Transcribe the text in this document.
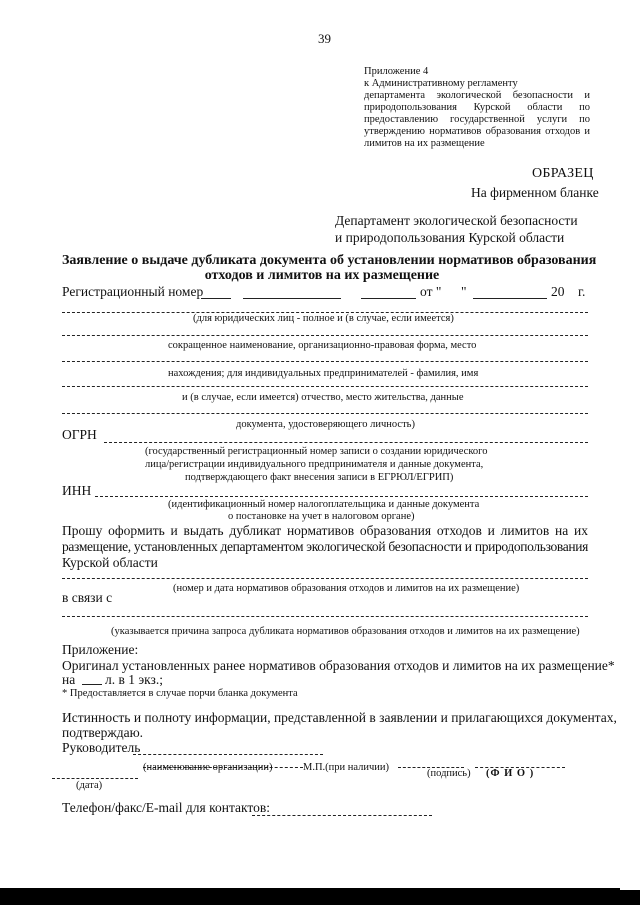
39
Приложение 4
к Административному регламенту
департамента экологической безопасности и
природопользования Курской области по
предоставлению государственной услуги по
утверждению нормативов образования отходов и
лимитов на их размещение
ОБРАЗЕЦ
На фирменном бланке
Департамент экологической безопасности
и природопользования Курской области
Заявление о выдаче дубликата документа об установлении нормативов образования
отходов и лимитов на их размещение
Регистрационный номер	от " "	20 г.
(для юридических лиц - полное и (в случае, если имеется)
сокращенное наименование, организационно-правовая форма, место
нахождения; для индивидуальных предпринимателей - фамилия, имя
и (в случае, если имеется) отчество, место жительства, данные
документа, удостоверяющего личность)
ОГРН
(государственный регистрационный номер записи о создании юридического
лица/регистрации индивидуального предпринимателя и данные документа,
подтверждающего факт внесения записи в ЕГРЮЛ/ЕГРИП)
ИНН
(идентификационный номер налогоплательщика и данные документа
о постановке на учет в налоговом органе)
Прошу оформить и выдать дубликат нормативов образования отходов и лимитов на их
размещение, установленных департаментом экологической безопасности и природопользования
Курской области
(номер и дата нормативов образования отходов и лимитов на их размещение)
в связи с
(указывается причина запроса дубликата нормативов образования отходов и лимитов на их размещение)
Приложение:
Оригинал установленных ранее нормативов образования отходов и лимитов на их размещение*
на л. в 1 экз.;
* Предоставляется в случае порчи бланка документа
Истинность и полноту информации, представленной в заявлении и прилагающихся документах,
подтверждаю.
Руководитель
(наименование организации)	М.П.(при наличии)
(подпись) (Ф И О )
(дата)
Телефон/факс/E-mail для контактов:
